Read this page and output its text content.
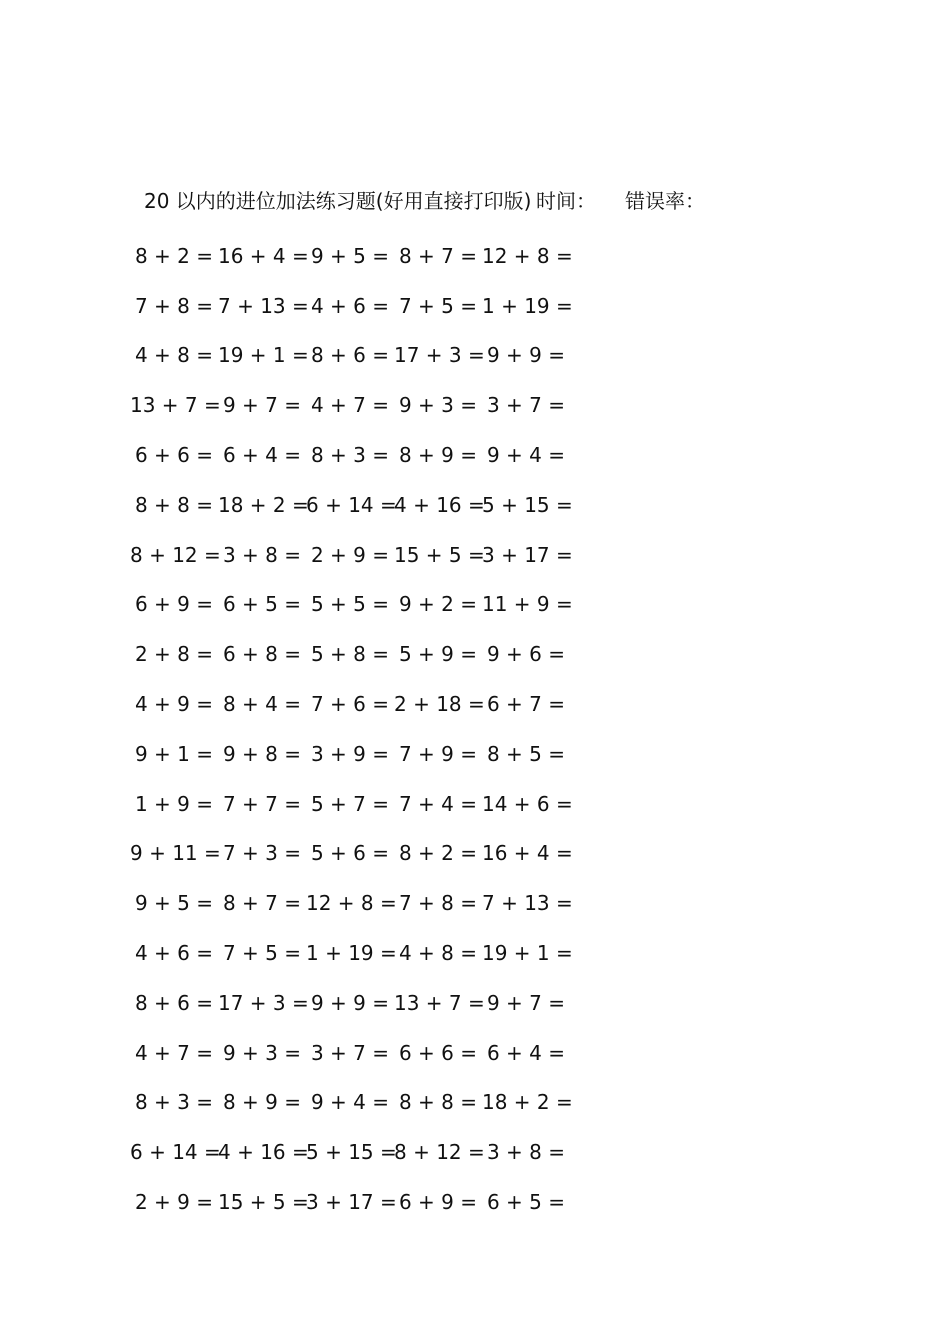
20 以内的进位加法练习题(好用直接打印版) 时间： 错误率：
8 + 2 = 16 + 4 = 9 + 5 = 8 + 7 = 12 + 8 =
7 + 8 = 7 + 13 = 4 + 6 = 7 + 5 = 1 + 19 =
4 + 8 = 19 + 1 = 8 + 6 = 17 + 3 = 9 + 9 =
13 + 7 = 9 + 7 = 4 + 7 = 9 + 3 = 3 + 7 =
6 + 6 = 6 + 4 = 8 + 3 = 8 + 9 = 9 + 4 =
8 + 8 = 18 + 2 =
6 + 14 =
4 + 16 =
5 + 15 =
8 + 12 = 3 + 8 = 2 + 9 = 15 + 5 =
3 + 17 =
6 + 9 = 6 + 5 = 5 + 5 = 9 + 2 = 11 + 9 =
2 + 8 = 6 + 8 = 5 + 8 = 5 + 9 = 9 + 6 =
4 + 9 = 8 + 4 = 7 + 6 = 2 + 18 = 6 + 7 =
9 + 1 = 9 + 8 = 3 + 9 = 7 + 9 = 8 + 5 =
1 + 9 = 7 + 7 = 5 + 7 = 7 + 4 = 14 + 6 =
9 + 11 = 7 + 3 = 5 + 6 = 8 + 2 = 16 + 4 =
9 + 5 = 8 + 7 = 12 + 8 = 7 + 8 = 7 + 13 =
4 + 6 = 7 + 5 = 1 + 19 = 4 + 8 = 19 + 1 =
8 + 6 = 17 + 3 = 9 + 9 = 13 + 7 = 9 + 7 =
4 + 7 = 9 + 3 = 3 + 7 = 6 + 6 = 6 + 4 =
8 + 3 = 8 + 9 = 9 + 4 = 8 + 8 = 18 + 2 =
6 + 14 =
4 + 16 =
5 + 15 =
8 + 12 = 3 + 8 =
2 + 9 = 15 + 5 =
3 + 17 = 6 + 9 = 6 + 5 =
